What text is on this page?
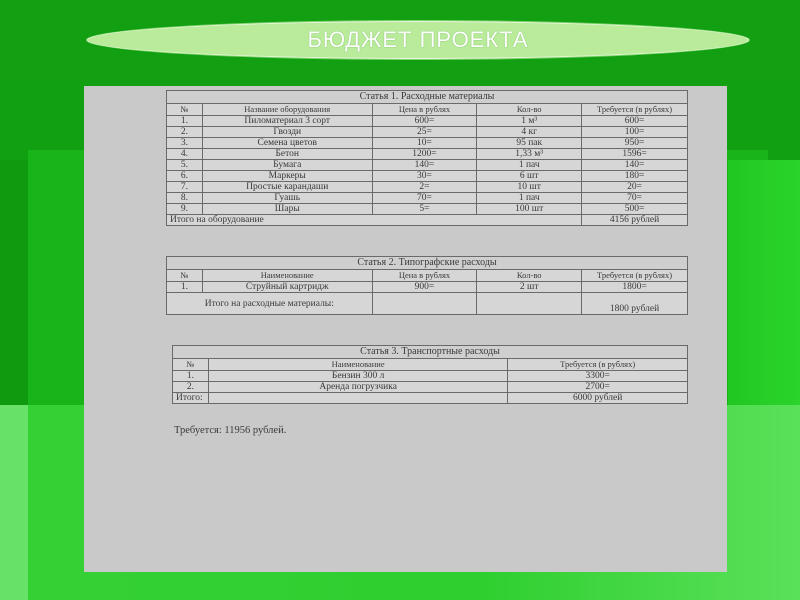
БЮДЖЕТ ПРОЕКТА
Статья 1. Расходные материалы
№	Название оборудования	Цена в рублях	Кол-во	Требуется (в рублях)
1.	Пиломатериал 3 сорт	600=	1 м³	600=
2.	Гвозди	25=	4 кг	100=
3.	Семена цветов	10=	95 пак	950=
4.	Бетон	1200=	1,33 м³	1596=
5.	Бумага	140=	1 пач	140=
6.	Маркеры	30=	6 шт	180=
7.	Простые карандаши	2=	10 шт	20=
8.	Гуашь	70=	1 пач	70=
9.	Шары	5=	100 шт	500=
Итого на оборудование				4156 рублей
Статья 2. Типографские расходы
№	Наименование	Цена в рублях	Кол-во	Требуется (в рублях)
1.	Струйный картридж	900=	2 шт	1800=
Итого на расходные материалы:				1800 рублей
Статья 3. Транспортные расходы
№	Наименование	Требуется (в рублях)
1.	Бензин 300 л	3300=
2.	Аренда погрузчика	2700=
Итого:		6000 рублей
Требуется: 11956 рублей.
